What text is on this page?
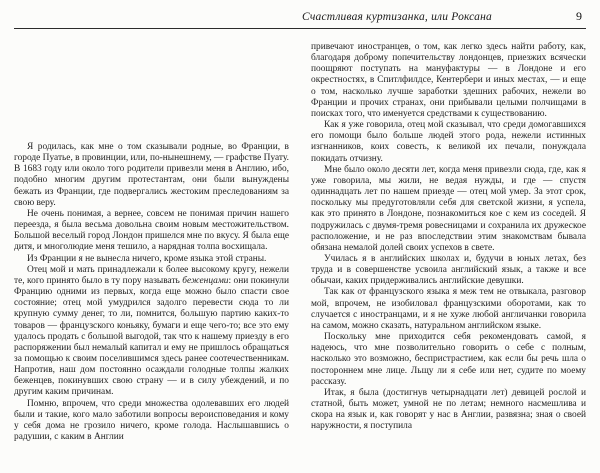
Счастливая куртизанка, или Роксана	9

Я родилась, как мне о том сказывали родные, во Франции, в городе Пуатье, в провинции, или, по-нынешнему, — графстве Пуату. В 1683 году или около того родители привезли меня в Англию, ибо, подобно многим другим протестантам, они были вынуждены бежать из Франции, где подвергались жестоким преследованиям за свою веру.

Не очень понимая, а вернее, совсем не понимая причин нашего переезда, я была весьма довольна своим новым местожительством. Большой веселый город Лондон пришелся мне по вкусу. Я была еще дитя, и многолюдие меня тешило, а нарядная толпа восхищала.

Из Франции я не вынесла ничего, кроме языка этой страны.

Отец мой и мать принадлежали к более высокому кругу, нежели те, кого принято было в ту пору называть беженцами: они покинули Францию одними из первых, когда еще можно было спасти свое состояние; отец мой умудрился задолго перевести сюда то ли крупную сумму денег, то ли, помнится, большую партию каких-то товаров — французского коньяку, бумаги и еще чего-то; все это ему удалось продать с большой выгодой, так что к нашему приезду в его распоряжении был немалый капитал и ему не пришлось обращаться за помощью к своим поселившимся здесь ранее соотечественникам. Напротив, наш дом постоянно осаждали голодные толпы жалких беженцев, покинувших свою страну — и в силу убеждений, и по другим каким причинам.

Помню, впрочем, что среди множества одолевавших его людей были и такие, кого мало заботили вопросы вероисповедания и кому у себя дома не грозило ничего, кроме голода. Наслышавшись о радушии, с каким в Англии

привечают иностранцев, о том, как легко здесь найти работу, как, благодаря доброму попечительству лондонцев, приезжих всячески поощряют поступать на мануфактуры — в Лондоне и его окрестностях, в Спитлфилдсе, Кентербери и иных местах, — и еще о том, насколько лучше заработки здешних рабочих, нежели во Франции и прочих странах, они прибывали целыми полчищами в поисках того, что именуется средствами к существованию.

Как я уже говорила, отец мой сказывал, что среди домогавшихся его помощи было больше людей этого рода, нежели истинных изгнанников, коих совесть, к великой их печали, понуждала покидать отчизну.

Мне было около десяти лет, когда меня привезли сюда, где, как я уже говорила, мы жили, не ведая нужды, и где — спустя одиннадцать лет по нашем приезде — отец мой умер. За этот срок, поскольку мы предуготовляли себя для светской жизни, я успела, как это принято в Лондоне, познакомиться кое с кем из соседей. Я подружилась с двумя-тремя ровесницами и сохранила их дружеское расположение, и не раз впоследствии этим знакомствам бывала обязана немалой долей своих успехов в свете.

Училась я в английских школах и, будучи в юных летах, без труда и в совершенстве усвоила английский язык, а также и все обычаи, каких придерживались английские девушки.

Так как от французского языка я меж тем не отвыкала, разговор мой, впрочем, не изобиловал французскими оборотами, как то случается с иностранцами, и я не хуже любой англичанки говорила на самом, можно сказать, натуральном английском языке.

Поскольку мне приходится себя рекомендовать самой, я надеюсь, что мне позволительно говорить о себе с полным, насколько это возможно, беспристрастием, как если бы речь шла о постороннем мне лице. Льщу ли я себе или нет, судите по моему рассказу.

Итак, я была (достигнув четырнадцати лет) девицей рослой и статной, быть может, умной не по летам; немного насмешлива и скора на язык и, как говорят у нас в Англии, развязна; зная о своей наружности, я поступила
